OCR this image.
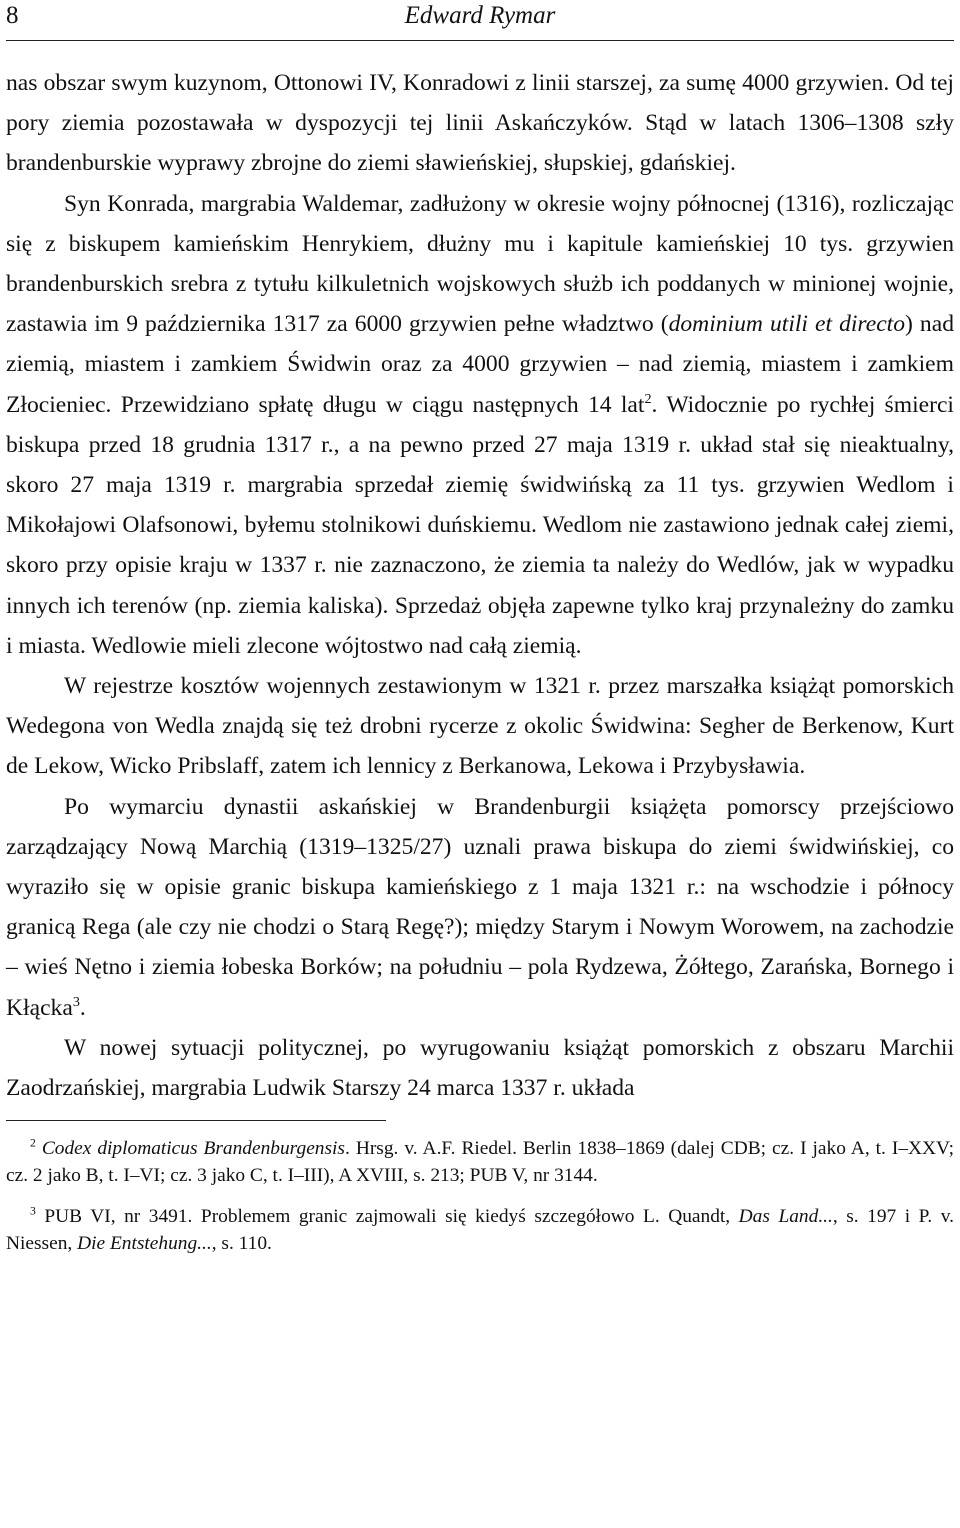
8	Edward Rymar

nas obszar swym kuzynom, Ottonowi IV, Konradowi z linii starszej, za sumę 4000 grzywien. Od tej pory ziemia pozostawała w dyspozycji tej linii Askańczyków. Stąd w latach 1306–1308 szły brandenburskie wyprawy zbrojne do ziemi sławieńskiej, słupskiej, gdańskiej.

Syn Konrada, margrabia Waldemar, zadłużony w okresie wojny północnej (1316), rozliczając się z biskupem kamieńskim Henrykiem, dłużny mu i kapitule kamieńskiej 10 tys. grzywien brandenburskich srebra z tytułu kilkuletnich wojskowych służb ich poddanych w minionej wojnie, zastawia im 9 października 1317 za 6000 grzywien pełne władztwo (dominium utili et directo) nad ziemią, miastem i zamkiem Świdwin oraz za 4000 grzywien – nad ziemią, miastem i zamkiem Złocieniec. Przewidziano spłatę długu w ciągu następnych 14 lat$^2$. Widocznie po rychłej śmierci biskupa przed 18 grudnia 1317 r., a na pewno przed 27 maja 1319 r. układ stał się nieaktualny, skoro 27 maja 1319 r. margrabia sprzedał ziemię świdwińską za 11 tys. grzywien Wedlom i Mikołajowi Olafsonowi, byłemu stolnikowi duńskiemu. Wedlom nie zastawiono jednak całej ziemi, skoro przy opisie kraju w 1337 r. nie zaznaczono, że ziemia ta należy do Wedlów, jak w wypadku innych ich terenów (np. ziemia kaliska). Sprzedaż objęła zapewne tylko kraj przynależny do zamku i miasta. Wedlowie mieli zlecone wójtostwo nad całą ziemią.

W rejestrze kosztów wojennych zestawionym w 1321 r. przez marszałka książąt pomorskich Wedegona von Wedla znajdą się też drobni rycerze z okolic Świdwina: Segher de Berkenow, Kurt de Lekow, Wicko Pribslaff, zatem ich lennicy z Berkanowa, Lekowa i Przybysławia.

Po wymarciu dynastii askańskiej w Brandenburgii książęta pomorscy przejściowo zarządzający Nową Marchią (1319–1325/27) uznali prawa biskupa do ziemi świdwińskiej, co wyraziło się w opisie granic biskupa kamieńskiego z 1 maja 1321 r.: na wschodzie i północy granicą Rega (ale czy nie chodzi o Starą Regę?); między Starym i Nowym Worowem, na zachodzie – wieś Nętno i ziemia łobeska Borków; na południu – pola Rydzewa, Żółtego, Zarańska, Bornego i Kłącka$^3$.

W nowej sytuacji politycznej, po wyrugowaniu książąt pomorskich z obszaru Marchii Zaodrzańskiej, margrabia Ludwik Starszy 24 marca 1337 r. układa

$^2$ Codex diplomaticus Brandenburgensis. Hrsg. v. A.F. Riedel. Berlin 1838–1869 (dalej CDB; cz. I jako A, t. I–XXV; cz. 2 jako B, t. I–VI; cz. 3 jako C, t. I–III), A XVIII, s. 213; PUB V, nr 3144.

$^3$ PUB VI, nr 3491. Problemem granic zajmowali się kiedyś szczegółowo L. Quandt, Das Land..., s. 197 i P. v. Niessen, Die Entstehung..., s. 110.
